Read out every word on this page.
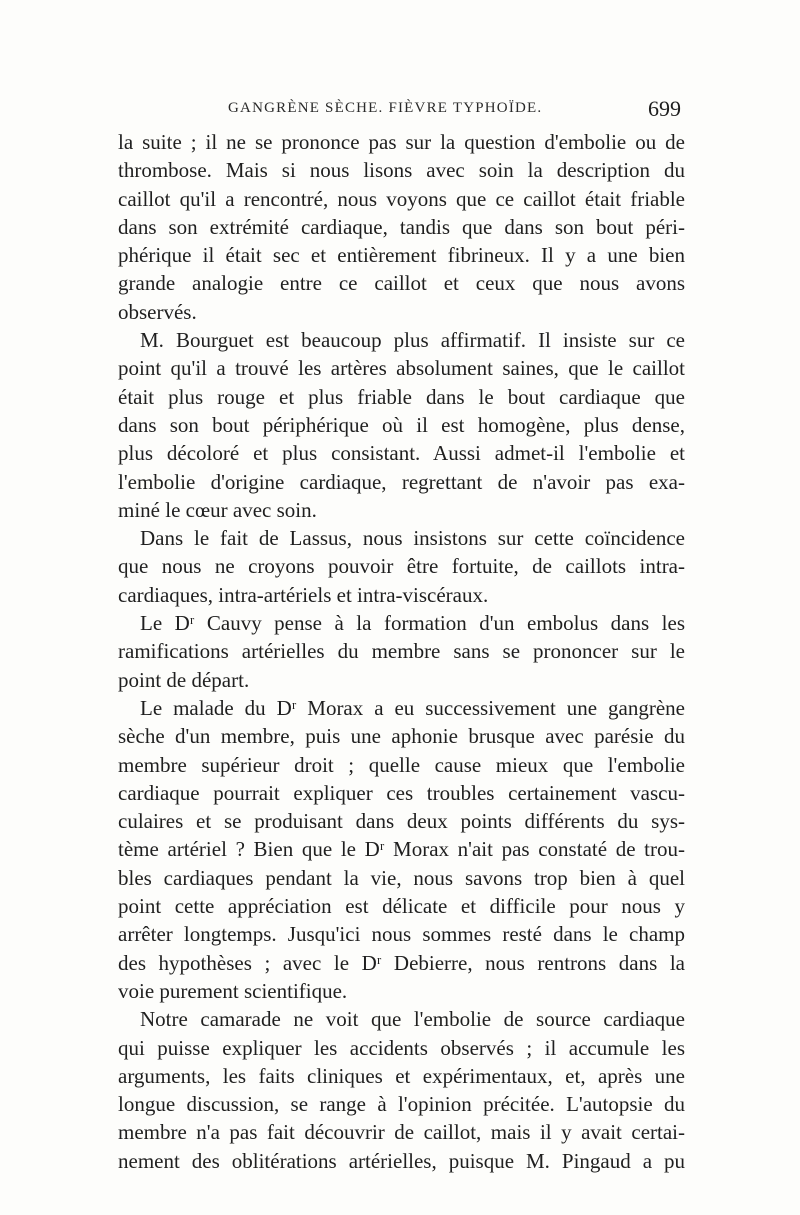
GANGRÈNE SÈCHE. FIÈVRE TYPHOÏDE.	699

la suite ; il ne se prononce pas sur la question d'embolie ou de
thrombose. Mais si nous lisons avec soin la description du
caillot qu'il a rencontré, nous voyons que ce caillot était friable
dans son extrémité cardiaque, tandis que dans son bout péri-
phérique il était sec et entièrement fibrineux. Il y a une bien
grande analogie entre ce caillot et ceux que nous avons
observés.

M. Bourguet est beaucoup plus affirmatif. Il insiste sur ce
point qu'il a trouvé les artères absolument saines, que le caillot
était plus rouge et plus friable dans le bout cardiaque que
dans son bout périphérique où il est homogène, plus dense,
plus décoloré et plus consistant. Aussi admet-il l'embolie et
l'embolie d'origine cardiaque, regrettant de n'avoir pas exa-
miné le cœur avec soin.

Dans le fait de Lassus, nous insistons sur cette coïncidence
que nous ne croyons pouvoir être fortuite, de caillots intra-
cardiaques, intra-artériels et intra-viscéraux.

Le Dʳ Cauvy pense à la formation d'un embolus dans les
ramifications artérielles du membre sans se prononcer sur le
point de départ.

Le malade du Dʳ Morax a eu successivement une gangrène
sèche d'un membre, puis une aphonie brusque avec parésie du
membre supérieur droit ; quelle cause mieux que l'embolie
cardiaque pourrait expliquer ces troubles certainement vascu-
culaires et se produisant dans deux points différents du sys-
tème artériel ? Bien que le Dʳ Morax n'ait pas constaté de trou-
bles cardiaques pendant la vie, nous savons trop bien à quel
point cette appréciation est délicate et difficile pour nous y
arrêter longtemps. Jusqu'ici nous sommes resté dans le champ
des hypothèses ; avec le Dʳ Debierre, nous rentrons dans la
voie purement scientifique.

Notre camarade ne voit que l'embolie de source cardiaque
qui puisse expliquer les accidents observés ; il accumule les
arguments, les faits cliniques et expérimentaux, et, après une
longue discussion, se range à l'opinion précitée. L'autopsie du
membre n'a pas fait découvrir de caillot, mais il y avait certai-
nement des oblitérations artérielles, puisque M. Pingaud a pu
